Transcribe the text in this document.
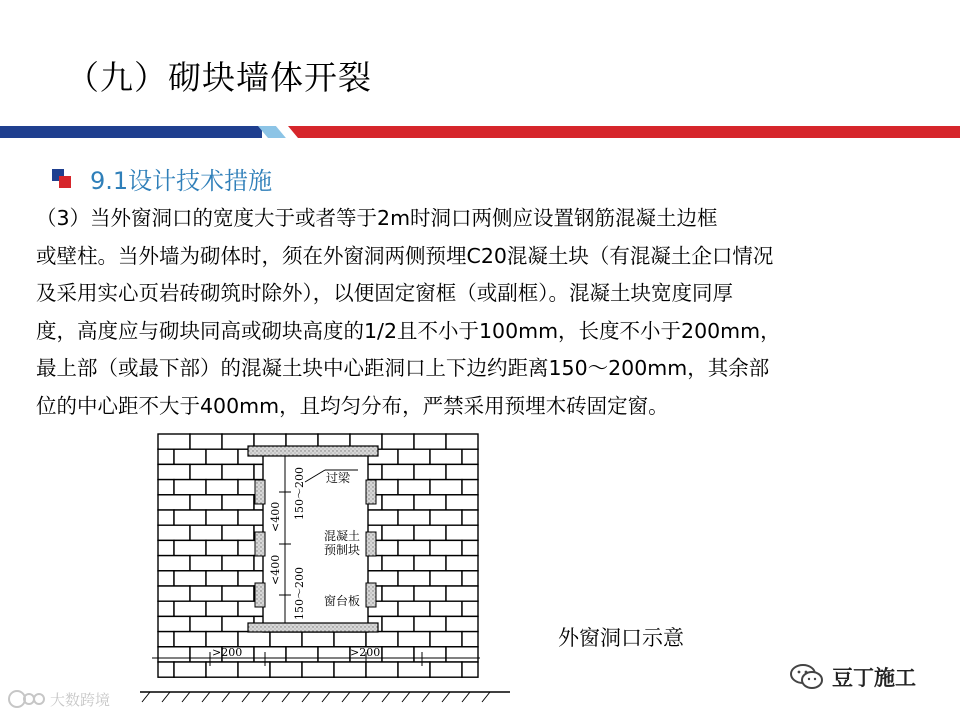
（九）砌块墙体开裂
9.1设计技术措施

（3）当外窗洞口的宽度大于或者等于2m时洞口两侧应设置钢筋混凝土边框
或壁柱。当外墙为砌体时，须在外窗洞两侧预埋C20混凝土块（有混凝土企口情况
及采用实心页岩砖砌筑时除外），以便固定窗框（或副框）。混凝土块宽度同厚
度，高度应与砌块同高或砌块高度的1/2且不小于100mm，长度不小于200mm，
最上部（或最下部）的混凝土块中心距洞口上下边约距离150～200mm，其余部
位的中心距不大于400mm，且均匀分布，严禁采用预埋木砖固定窗。

150～200
150～200
<400
<400
过梁
混凝土
预制块
窗台板
>200	>200
外窗洞口示意
大数跨境
豆丁施工
